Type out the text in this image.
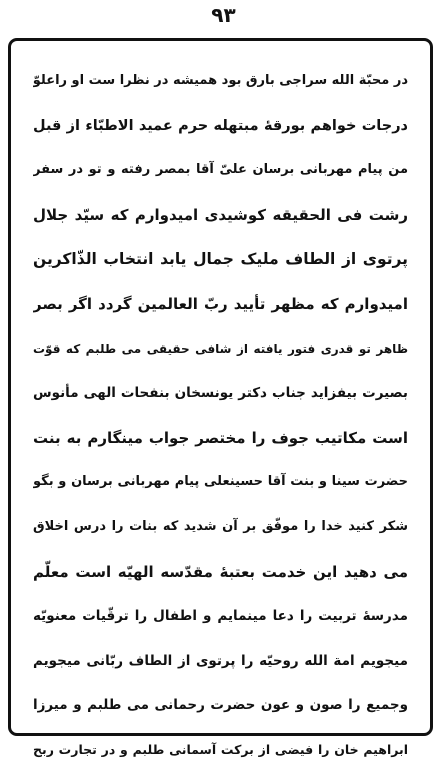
۹۳
در محبّة الله سراجی بارق بود همیشه در نظرا ست او راعلوّ
درجات خواهم بورقهٔ مبتهله حرم عمید الاطبّاء از قبل
من پیام مهربانی برسان علیّ آقا بمصر رفته و تو در سفر
رشت فی الحقیقه کوشیدی امیدوارم که سیّد جلال
پرتوی از الطاف ملیک جمال یابد انتخاب الذّاکرین
امیدوارم که مظهر تأیید ربّ العالمین گردد اگر بصر
ظاهر تو قدری فتور یافته از شافی حقیقی می طلبم که قوّت
بصیرت بیفزاید جناب دکتر یونسخان بنفحات الهی مأنوس
است مکاتیب جوف را مختصر جواب مینگارم به بنت
حضرت سینا و بنت آقا حسینعلی پیام مهربانی برسان و بگو
شکر کنید خدا را موفّق بر آن شدید که بنات را درس اخلاق
می دهید این خدمت بعتبهٔ مقدّسه الهیّه است معلّم
مدرسهٔ تربیت را دعا مینمایم و اطفال را ترقّیات معنویّه
میجویم امة الله روحیّه را پرتوی از الطاف ربّانی میجویم
وجمیع را صون و عون حضرت رحمانی می طلبم و میرزا
ابراهیم خان را فیضی از برکت آسمانی طلبم و در تجارت ربح
